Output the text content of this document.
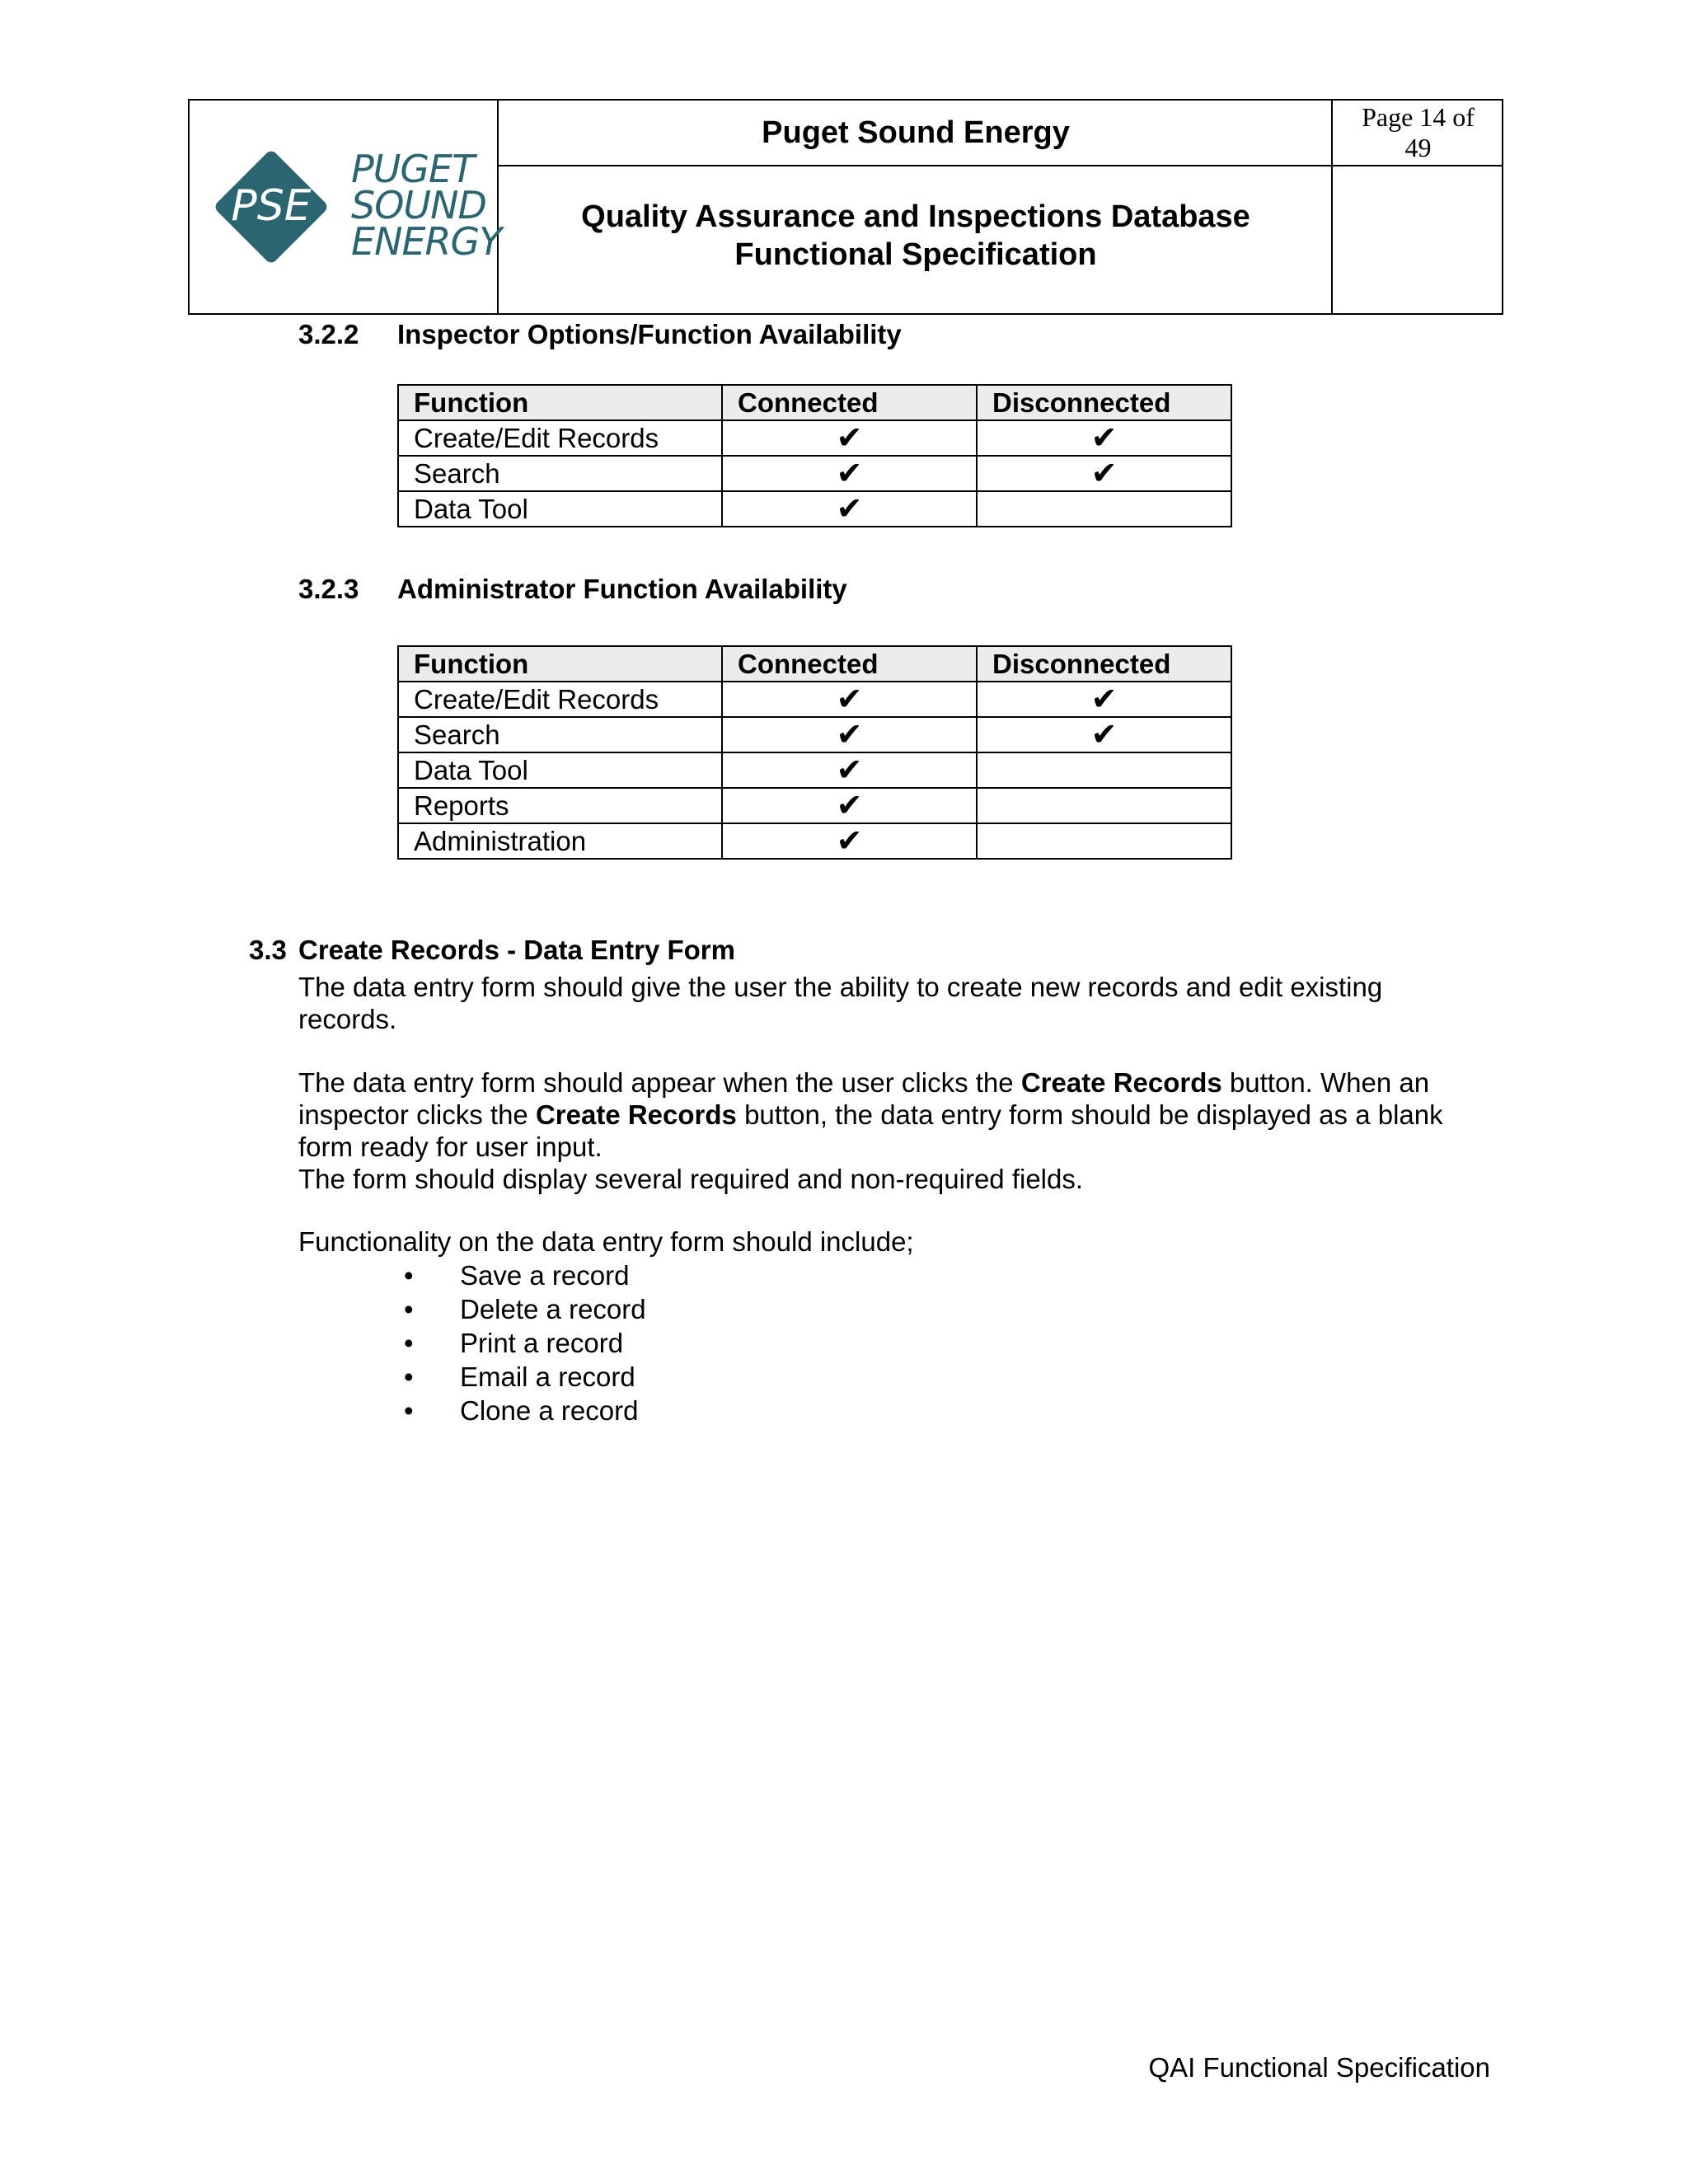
Puget Sound Energy
Quality Assurance and Inspections Database
Functional Specification
Page 14 of
49
PSE
PUGET
SOUND
ENERGY
3.2.2 Inspector Options/Function Availability
Function	Connected	Disconnected
Create/Edit Records	✔	✔
Search	✔	✔
Data Tool	✔	
3.2.3 Administrator Function Availability
Function	Connected	Disconnected
Create/Edit Records	✔	✔
Search	✔	✔
Data Tool	✔	
Reports	✔	
Administration	✔	
3.3 Create Records - Data Entry Form

The data entry form should give the user the ability to create new records and edit existing records.

The data entry form should appear when the user clicks the Create Records button. When an inspector clicks the Create Records button, the data entry form should be displayed as a blank form ready for user input.

The form should display several required and non-required fields.

Functionality on the data entry form should include;

• Save a record
• Delete a record
• Print a record
• Email a record
• Clone a record
QAI Functional Specification
